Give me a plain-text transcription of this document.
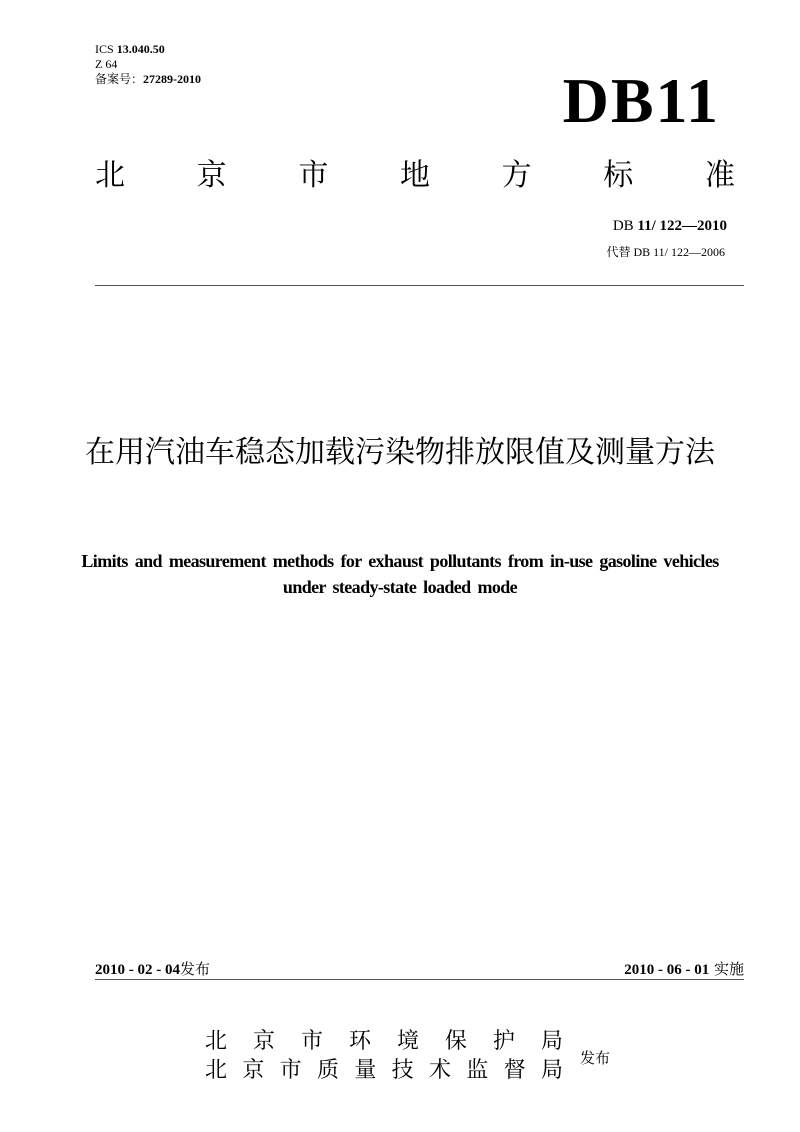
ICS 13.040.50
Z 64
备案号：27289-2010	DB11
北 京 市 地 方 标 准
DB 11/ 122—2010
代替 DB 11/ 122—2006
在用汽油车稳态加载污染物排放限值及测量方法
Limits and measurement methods for exhaust pollutants from in-use gasoline vehicles under steady-state loaded mode
2010 - 02 - 04发布	2010 - 06 - 01 实施
北 京 市 环 境 保 护 局
北 京 市 质 量 技 术 监 督 局 发布
